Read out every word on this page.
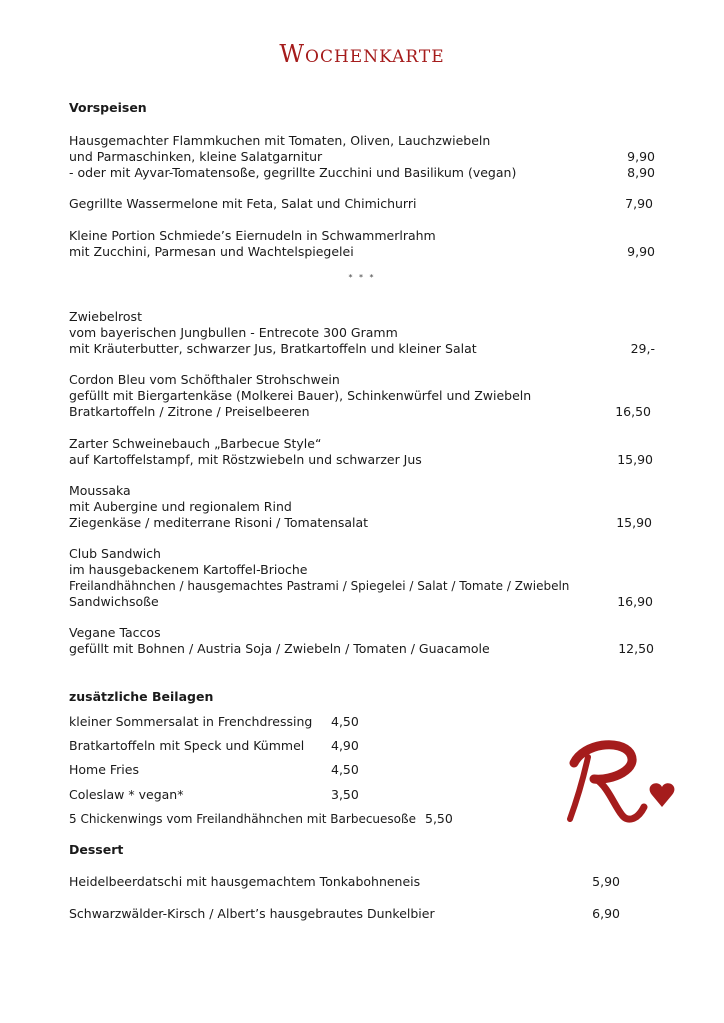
Wochenkarte
Vorspeisen
Hausgemachter Flammkuchen mit Tomaten, Oliven, Lauchzwiebeln
und Parmaschinken, kleine Salatgarnitur	9,90
- oder mit Ayvar-Tomatensoße, gegrillte Zucchini und Basilikum (vegan)	8,90
Gegrillte Wassermelone mit Feta, Salat und Chimichurri	7,90
Kleine Portion Schmiede’s Eiernudeln in Schwammerlrahm
mit Zucchini, Parmesan und Wachtelspiegelei	9,90
* * *
Zwiebelrost
vom bayerischen Jungbullen - Entrecote 300 Gramm
mit Kräuterbutter, schwarzer Jus, Bratkartoffeln und kleiner Salat	29,-
Cordon Bleu vom Schöfthaler Strohschwein
gefüllt mit Biergartenkäse (Molkerei Bauer), Schinkenwürfel und Zwiebeln
Bratkartoffeln / Zitrone / Preiselbeeren	16,50
Zarter Schweinebauch „Barbecue Style“
auf Kartoffelstampf, mit Röstzwiebeln und schwarzer Jus	15,90
Moussaka
mit Aubergine und regionalem Rind
Ziegenkäse / mediterrane Risoni / Tomatensalat	15,90
Club Sandwich
im hausgebackenem Kartoffel-Brioche
Freilandhähnchen / hausgemachtes Pastrami / Spiegelei / Salat / Tomate / Zwiebeln
Sandwichsoße	16,90
Vegane Taccos
gefüllt mit Bohnen / Austria Soja / Zwiebeln / Tomaten / Guacamole	12,50
zusätzliche Beilagen
kleiner Sommersalat in Frenchdressing 4,50
Bratkartoffeln mit Speck und Kümmel 4,90
Home Fries	4,50
Coleslaw * vegan*	3,50
5 Chickenwings vom Freilandhähnchen mit Barbecuesoße 5,50
Dessert
Heidelbeerdatschi mit hausgemachtem Tonkabohneneis	5,90
Schwarzwälder-Kirsch / Albert’s hausgebrautes Dunkelbier	6,90
